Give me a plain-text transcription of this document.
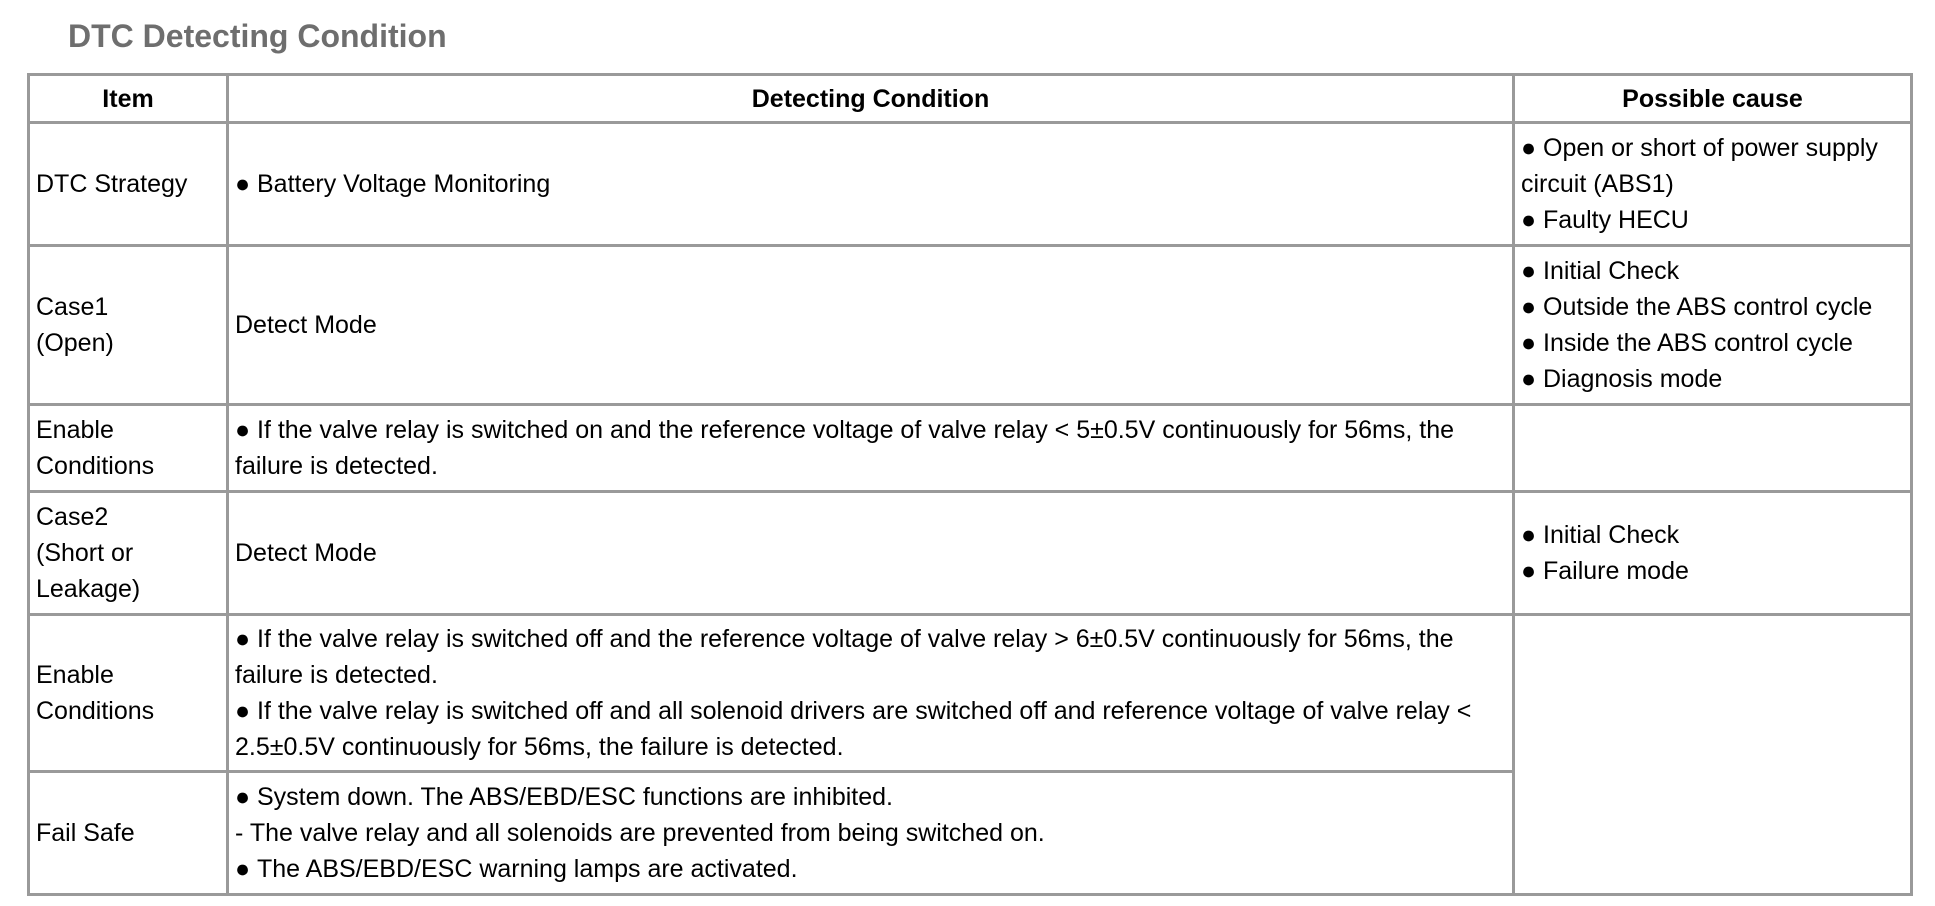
DTC Detecting Condition
Item	Detecting Condition	Possible cause

DTC Strategy	● Battery Voltage Monitoring	● Open or short of power supply circuit (ABS1)
● Faulty HECU

Case1
(Open)	Detect Mode	● Initial Check
● Outside the ABS control cycle
● Inside the ABS control cycle
● Diagnosis mode

Enable
Conditions	● If the valve relay is switched on and the reference voltage of valve relay < 5±0.5V continuously for 56ms, the failure is detected.	

Case2
(Short or
Leakage)	Detect Mode	● Initial Check
● Failure mode

Enable
Conditions	● If the valve relay is switched off and the reference voltage of valve relay > 6±0.5V continuously for 56ms, the failure is detected.
● If the valve relay is switched off and all solenoid drivers are switched off and reference voltage of valve relay < 2.5±0.5V continuously for 56ms, the failure is detected.	

Fail Safe	● System down. The ABS/EBD/ESC functions are inhibited.
- The valve relay and all solenoids are prevented from being switched on.
● The ABS/EBD/ESC warning lamps are activated.	
